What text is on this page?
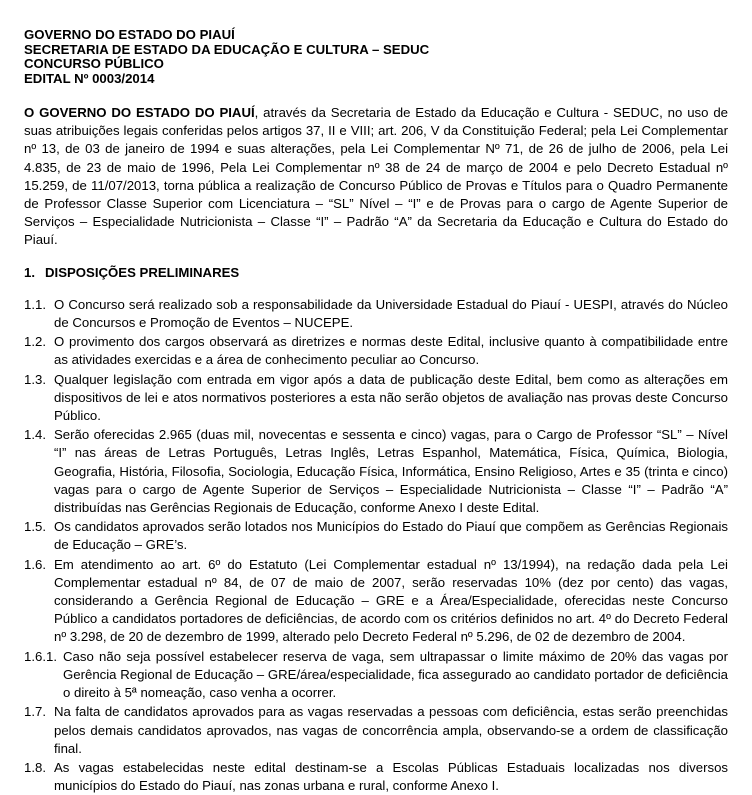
GOVERNO DO ESTADO DO PIAUÍ
SECRETARIA DE ESTADO DA EDUCAÇÃO E CULTURA – SEDUC
CONCURSO PÚBLICO
EDITAL Nº 0003/2014
O GOVERNO DO ESTADO DO PIAUÍ, através da Secretaria de Estado da Educação e Cultura - SEDUC, no uso de suas atribuições legais conferidas pelos artigos 37, II e VIII; art. 206, V da Constituição Federal; pela Lei Complementar nº 13, de 03 de janeiro de 1994 e suas alterações, pela Lei Complementar Nº 71, de 26 de julho de 2006, pela Lei 4.835, de 23 de maio de 1996, Pela Lei Complementar nº 38 de 24 de março de 2004 e pelo Decreto Estadual nº 15.259, de 11/07/2013, torna pública a realização de Concurso Público de Provas e Títulos para o Quadro Permanente de Professor Classe Superior com Licenciatura – “SL” Nível – “I” e de Provas para o cargo de Agente Superior de Serviços – Especialidade Nutricionista – Classe “I” – Padrão “A” da Secretaria da Educação e Cultura do Estado do Piauí.
1. DISPOSIÇÕES PRELIMINARES
1.1. O Concurso será realizado sob a responsabilidade da Universidade Estadual do Piauí - UESPI, através do Núcleo de Concursos e Promoção de Eventos – NUCEPE.
1.2. O provimento dos cargos observará as diretrizes e normas deste Edital, inclusive quanto à compatibilidade entre as atividades exercidas e a área de conhecimento peculiar ao Concurso.
1.3. Qualquer legislação com entrada em vigor após a data de publicação deste Edital, bem como as alterações em dispositivos de lei e atos normativos posteriores a esta não serão objetos de avaliação nas provas deste Concurso Público.
1.4. Serão oferecidas 2.965 (duas mil, novecentas e sessenta e cinco) vagas, para o Cargo de Professor “SL” – Nível “I” nas áreas de Letras Português, Letras Inglês, Letras Espanhol, Matemática, Física, Química, Biologia, Geografia, História, Filosofia, Sociologia, Educação Física, Informática, Ensino Religioso, Artes e 35 (trinta e cinco) vagas para o cargo de Agente Superior de Serviços – Especialidade Nutricionista – Classe “I” – Padrão “A” distribuídas nas Gerências Regionais de Educação, conforme Anexo I deste Edital.
1.5. Os candidatos aprovados serão lotados nos Municípios do Estado do Piauí que compõem as Gerências Regionais de Educação – GRE’s.
1.6. Em atendimento ao art. 6º do Estatuto (Lei Complementar estadual nº 13/1994), na redação dada pela Lei Complementar estadual nº 84, de 07 de maio de 2007, serão reservadas 10% (dez por cento) das vagas, considerando a Gerência Regional de Educação – GRE e a Área/Especialidade, oferecidas neste Concurso Público a candidatos portadores de deficiências, de acordo com os critérios definidos no art. 4º do Decreto Federal nº 3.298, de 20 de dezembro de 1999, alterado pelo Decreto Federal nº 5.296, de 02 de dezembro de 2004.
1.6.1. Caso não seja possível estabelecer reserva de vaga, sem ultrapassar o limite máximo de 20% das vagas por Gerência Regional de Educação – GRE/área/especialidade, fica assegurado ao candidato portador de deficiência o direito à 5ª nomeação, caso venha a ocorrer.
1.7. Na falta de candidatos aprovados para as vagas reservadas a pessoas com deficiência, estas serão preenchidas pelos demais candidatos aprovados, nas vagas de concorrência ampla, observando-se a ordem de classificação final.
1.8. As vagas estabelecidas neste edital destinam-se a Escolas Públicas Estaduais localizadas nos diversos municípios do Estado do Piauí, nas zonas urbana e rural, conforme Anexo I.
